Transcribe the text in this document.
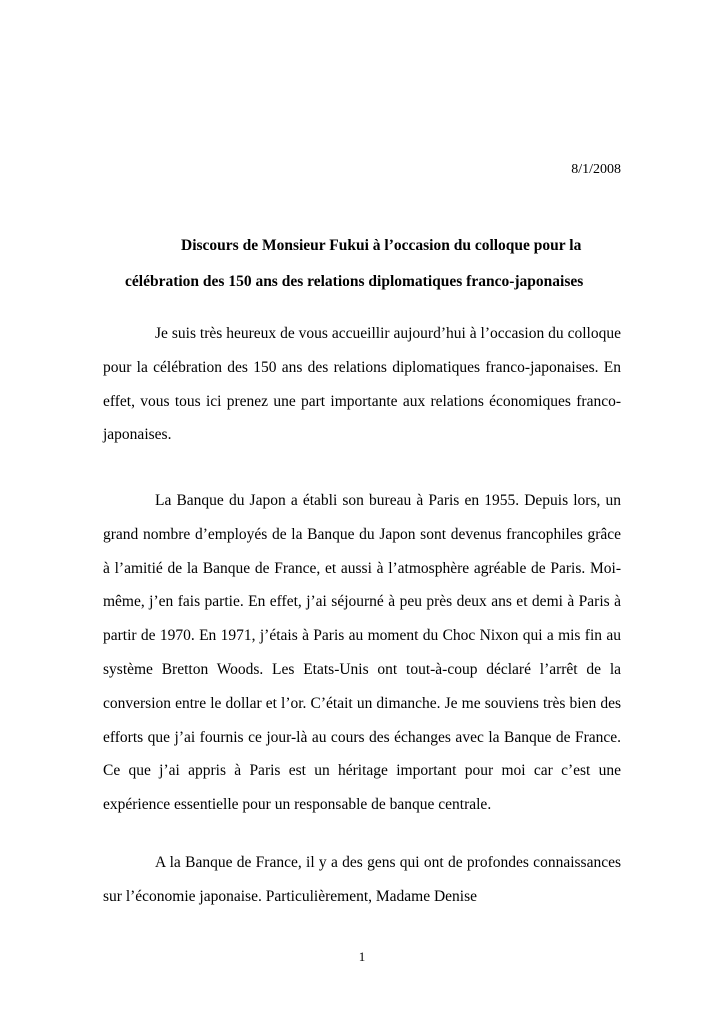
8/1/2008
Discours de Monsieur Fukui à l’occasion du colloque pour la
célébration des 150 ans des relations diplomatiques franco-japonaises

Je suis très heureux de vous accueillir aujourd’hui à l’occasion du colloque pour la célébration des 150 ans des relations diplomatiques franco-japonaises. En effet, vous tous ici prenez une part importante aux relations économiques franco-japonaises.

La Banque du Japon a établi son bureau à Paris en 1955. Depuis lors, un grand nombre d’employés de la Banque du Japon sont devenus francophiles grâce à l’amitié de la Banque de France, et aussi à l’atmosphère agréable de Paris. Moi-même, j’en fais partie. En effet, j’ai séjourné à peu près deux ans et demi à Paris à partir de 1970. En 1971, j’étais à Paris au moment du Choc Nixon qui a mis fin au système Bretton Woods. Les Etats-Unis ont tout-à-coup déclaré l’arrêt de la conversion entre le dollar et l’or. C’était un dimanche. Je me souviens très bien des efforts que j’ai fournis ce jour-là au cours des échanges avec la Banque de France. Ce que j’ai appris à Paris est un héritage important pour moi car c’est une expérience essentielle pour un responsable de banque centrale.

A la Banque de France, il y a des gens qui ont de profondes connaissances sur l’économie japonaise. Particulièrement, Madame Denise

1
